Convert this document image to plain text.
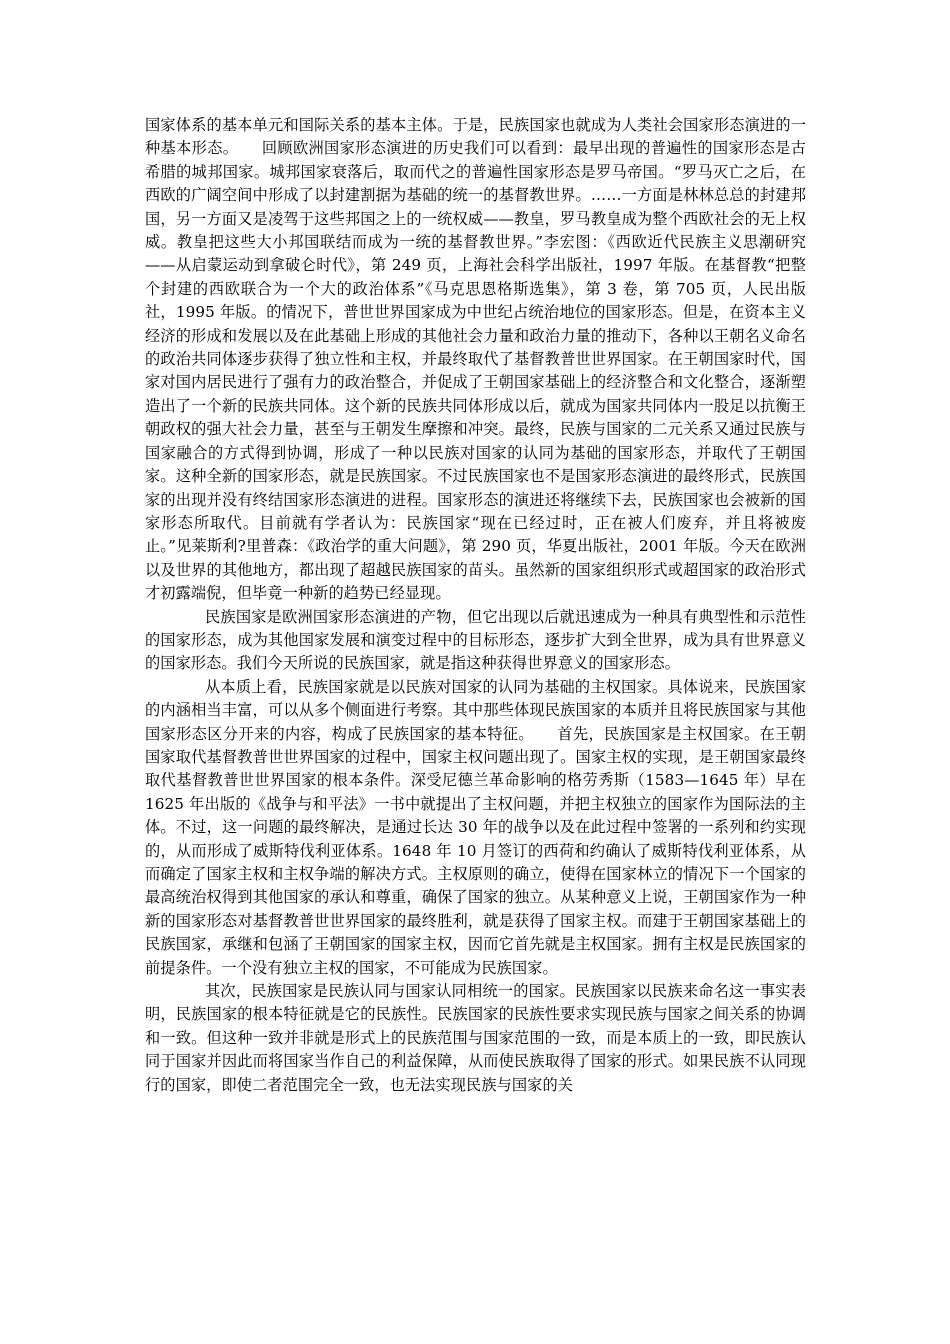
国家体系的基本单元和国际关系的基本主体。于是，民族国家也就成为人类社会国家形态演进的一种基本形态。　　回顾欧洲国家形态演进的历史我们可以看到：最早出现的普遍性的国家形态是古希腊的城邦国家。城邦国家衰落后，取而代之的普遍性国家形态是罗马帝国。“罗马灭亡之后，在西欧的广阔空间中形成了以封建割据为基础的统一的基督教世界。……一方面是林林总总的封建邦国，另一方面又是凌驾于这些邦国之上的一统权威——教皇，罗马教皇成为整个西欧社会的无上权威。教皇把这些大小邦国联结而成为一统的基督教世界。”李宏图：《西欧近代民族主义思潮研究——从启蒙运动到拿破仑时代》，第 249 页，上海社会科学出版社，1997 年版。在基督教“把整个封建的西欧联合为一个大的政治体系”《马克思恩格斯选集》，第 3 卷，第 705 页，人民出版社，1995 年版。的情况下，普世世界国家成为中世纪占统治地位的国家形态。但是，在资本主义经济的形成和发展以及在此基础上形成的其他社会力量和政治力量的推动下，各种以王朝名义命名的政治共同体逐步获得了独立性和主权，并最终取代了基督教普世世界国家。在王朝国家时代，国家对国内居民进行了强有力的政治整合，并促成了王朝国家基础上的经济整合和文化整合，逐渐塑造出了一个新的民族共同体。这个新的民族共同体形成以后，就成为国家共同体内一股足以抗衡王朝政权的强大社会力量，甚至与王朝发生摩擦和冲突。最终，民族与国家的二元关系又通过民族与国家融合的方式得到协调，形成了一种以民族对国家的认同为基础的国家形态，并取代了王朝国家。这种全新的国家形态，就是民族国家。不过民族国家也不是国家形态演进的最终形式，民族国家的出现并没有终结国家形态演进的进程。国家形态的演进还将继续下去，民族国家也会被新的国家形态所取代。目前就有学者认为：民族国家“现在已经过时，正在被人们废弃，并且将被废止。”见莱斯利?里普森：《政治学的重大问题》，第 290 页，华夏出版社，2001 年版。今天在欧洲以及世界的其他地方，都出现了超越民族国家的苗头。虽然新的国家组织形式或超国家的政治形式才初露端倪，但毕竟一种新的趋势已经显现。

民族国家是欧洲国家形态演进的产物，但它出现以后就迅速成为一种具有典型性和示范性的国家形态，成为其他国家发展和演变过程中的目标形态，逐步扩大到全世界，成为具有世界意义的国家形态。我们今天所说的民族国家，就是指这种获得世界意义的国家形态。

从本质上看，民族国家就是以民族对国家的认同为基础的主权国家。具体说来，民族国家的内涵相当丰富，可以从多个侧面进行考察。其中那些体现民族国家的本质并且将民族国家与其他国家形态区分开来的内容，构成了民族国家的基本特征。　　首先，民族国家是主权国家。在王朝国家取代基督教普世世界国家的过程中，国家主权问题出现了。国家主权的实现，是王朝国家最终取代基督教普世世界国家的根本条件。深受尼德兰革命影响的格劳秀斯（1583—1645 年）早在 1625 年出版的《战争与和平法》一书中就提出了主权问题，并把主权独立的国家作为国际法的主体。不过，这一问题的最终解决，是通过长达 30 年的战争以及在此过程中签署的一系列和约实现的，从而形成了威斯特伐利亚体系。1648 年 10 月签订的西荷和约确认了威斯特伐利亚体系，从而确定了国家主权和主权争端的解决方式。主权原则的确立，使得在国家林立的情况下一个国家的最高统治权得到其他国家的承认和尊重，确保了国家的独立。从某种意义上说，王朝国家作为一种新的国家形态对基督教普世世界国家的最终胜利，就是获得了国家主权。而建于王朝国家基础上的民族国家，承继和包涵了王朝国家的国家主权，因而它首先就是主权国家。拥有主权是民族国家的前提条件。一个没有独立主权的国家，不可能成为民族国家。

其次，民族国家是民族认同与国家认同相统一的国家。民族国家以民族来命名这一事实表明，民族国家的根本特征就是它的民族性。民族国家的民族性要求实现民族与国家之间关系的协调和一致。但这种一致并非就是形式上的民族范围与国家范围的一致，而是本质上的一致，即民族认同于国家并因此而将国家当作自己的利益保障，从而使民族取得了国家的形式。如果民族不认同现行的国家，即使二者范围完全一致，也无法实现民族与国家的关
